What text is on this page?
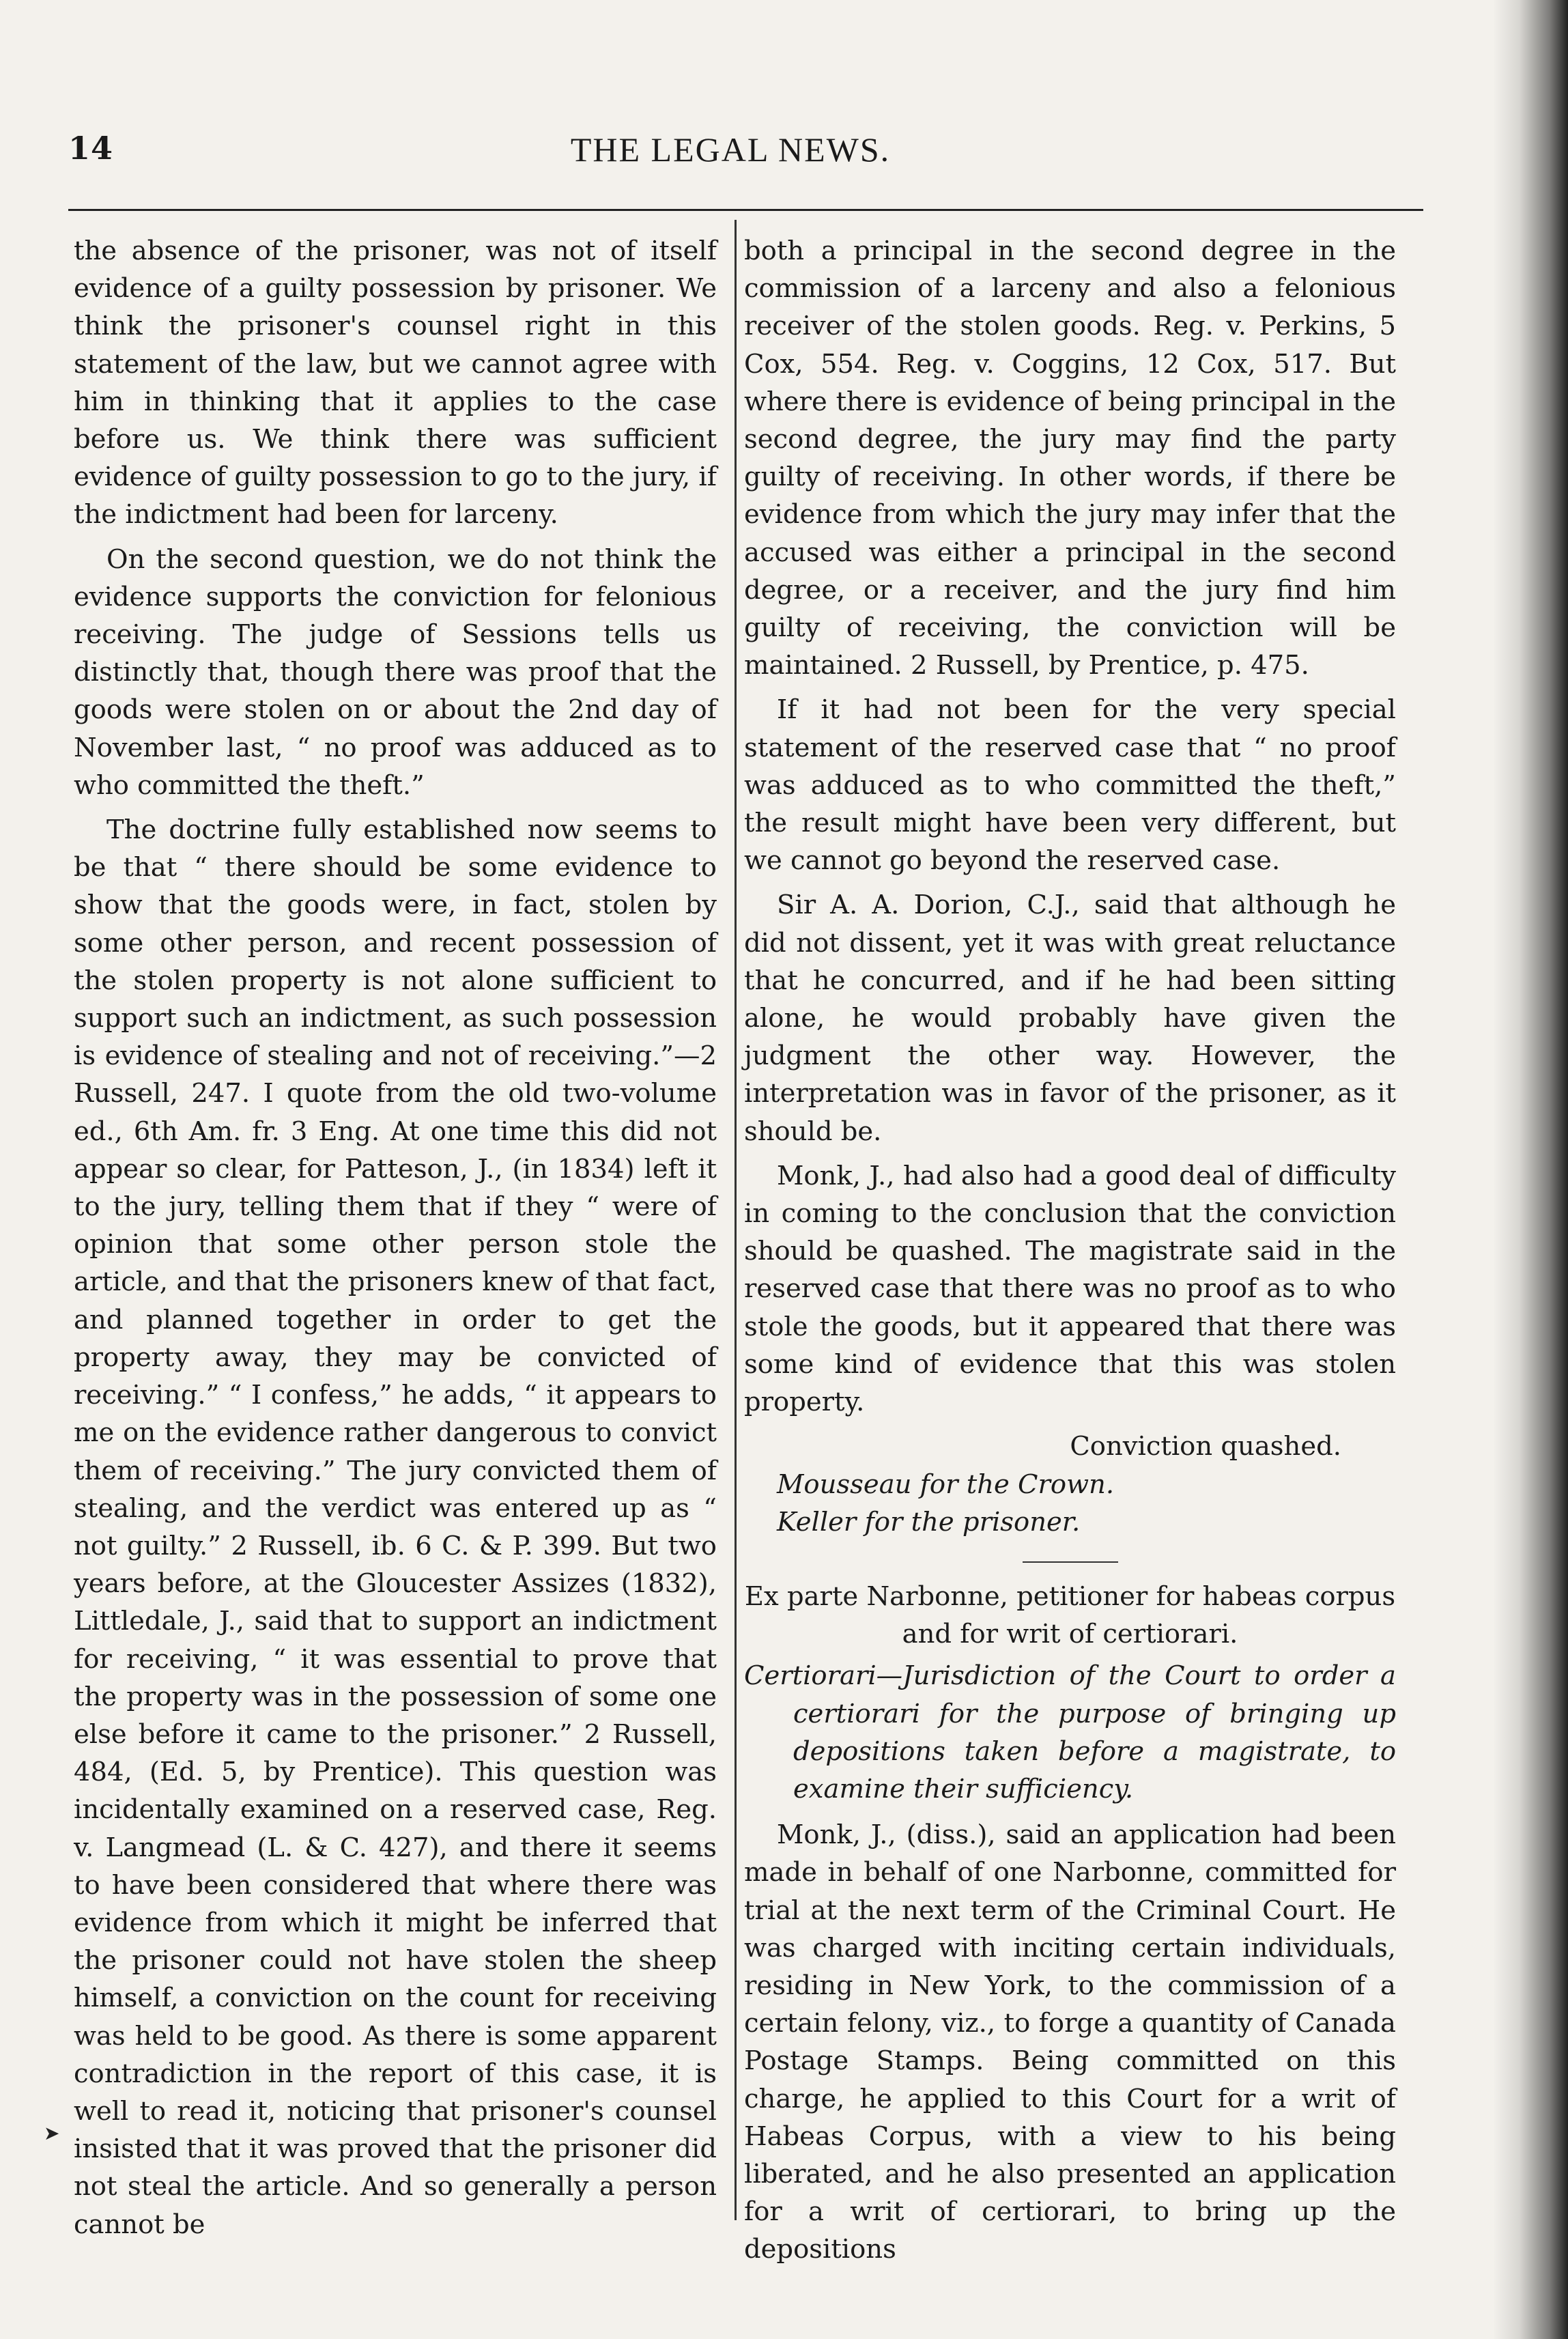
14	THE LEGAL NEWS.

the absence of the prisoner, was not of itself evidence of a guilty possession by prisoner. We think the prisoner's counsel right in this statement of the law, but we cannot agree with him in thinking that it applies to the case before us. We think there was sufficient evidence of guilty possession to go to the jury, if the indictment had been for larceny.

On the second question, we do not think the evidence supports the conviction for felonious receiving. The judge of Sessions tells us distinctly that, though there was proof that the goods were stolen on or about the 2nd day of November last, “ no proof was adduced as to who committed the theft.”

The doctrine fully established now seems to be that “ there should be some evidence to show that the goods were, in fact, stolen by some other person, and recent possession of the stolen property is not alone sufficient to support such an indictment, as such possession is evidence of stealing and not of receiving.”—2 Russell, 247. I quote from the old two-volume ed., 6th Am. fr. 3 Eng. At one time this did not appear so clear, for Patteson, J., (in 1834) left it to the jury, telling them that if they “ were of opinion that some other person stole the article, and that the prisoners knew of that fact, and planned together in order to get the property away, they may be convicted of receiving.” “ I confess,” he adds, “ it appears to me on the evidence rather dangerous to convict them of receiving.” The jury convicted them of stealing, and the verdict was entered up as “ not guilty.” 2 Russell, ib. 6 C. & P. 399. But two years before, at the Gloucester Assizes (1832), Littledale, J., said that to support an indictment for receiving, “ it was essential to prove that the property was in the possession of some one else before it came to the prisoner.” 2 Russell, 484, (Ed. 5, by Prentice). This question was incidentally examined on a reserved case, Reg. v. Langmead (L. & C. 427), and there it seems to have been considered that where there was evidence from which it might be inferred that the prisoner could not have stolen the sheep himself, a conviction on the count for receiving was held to be good. As there is some apparent contradiction in the report of this case, it is well to read it, noticing that prisoner's counsel insisted that it was proved that the prisoner did not steal the article. And so generally a person cannot be

both a principal in the second degree in the commission of a larceny and also a felonious receiver of the stolen goods. Reg. v. Perkins, 5 Cox, 554. Reg. v. Coggins, 12 Cox, 517. But where there is evidence of being principal in the second degree, the jury may find the party guilty of receiving. In other words, if there be evidence from which the jury may infer that the accused was either a principal in the second degree, or a receiver, and the jury find him guilty of receiving, the conviction will be maintained. 2 Russell, by Prentice, p. 475.

If it had not been for the very special statement of the reserved case that “ no proof was adduced as to who committed the theft,” the result might have been very different, but we cannot go beyond the reserved case.

Sir A. A. Dorion, C.J., said that although he did not dissent, yet it was with great reluctance that he concurred, and if he had been sitting alone, he would probably have given the judgment the other way. However, the interpretation was in favor of the prisoner, as it should be.

Monk, J., had also had a good deal of difficulty in coming to the conclusion that the conviction should be quashed. The magistrate said in the reserved case that there was no proof as to who stole the goods, but it appeared that there was some kind of evidence that this was stolen property.

Conviction quashed.

Mousseau for the Crown.

Keller for the prisoner.

Ex parte Narbonne, petitioner for habeas corpus and for writ of certiorari.

Certiorari—Jurisdiction of the Court to order a certiorari for the purpose of bringing up depositions taken before a magistrate, to examine their sufficiency.

Monk, J., (diss.), said an application had been made in behalf of one Narbonne, committed for trial at the next term of the Criminal Court. He was charged with inciting certain individuals, residing in New York, to the commission of a certain felony, viz., to forge a quantity of Canada Postage Stamps. Being committed on this charge, he applied to this Court for a writ of Habeas Corpus, with a view to his being liberated, and he also presented an application for a writ of certiorari, to bring up the depositions

➤
